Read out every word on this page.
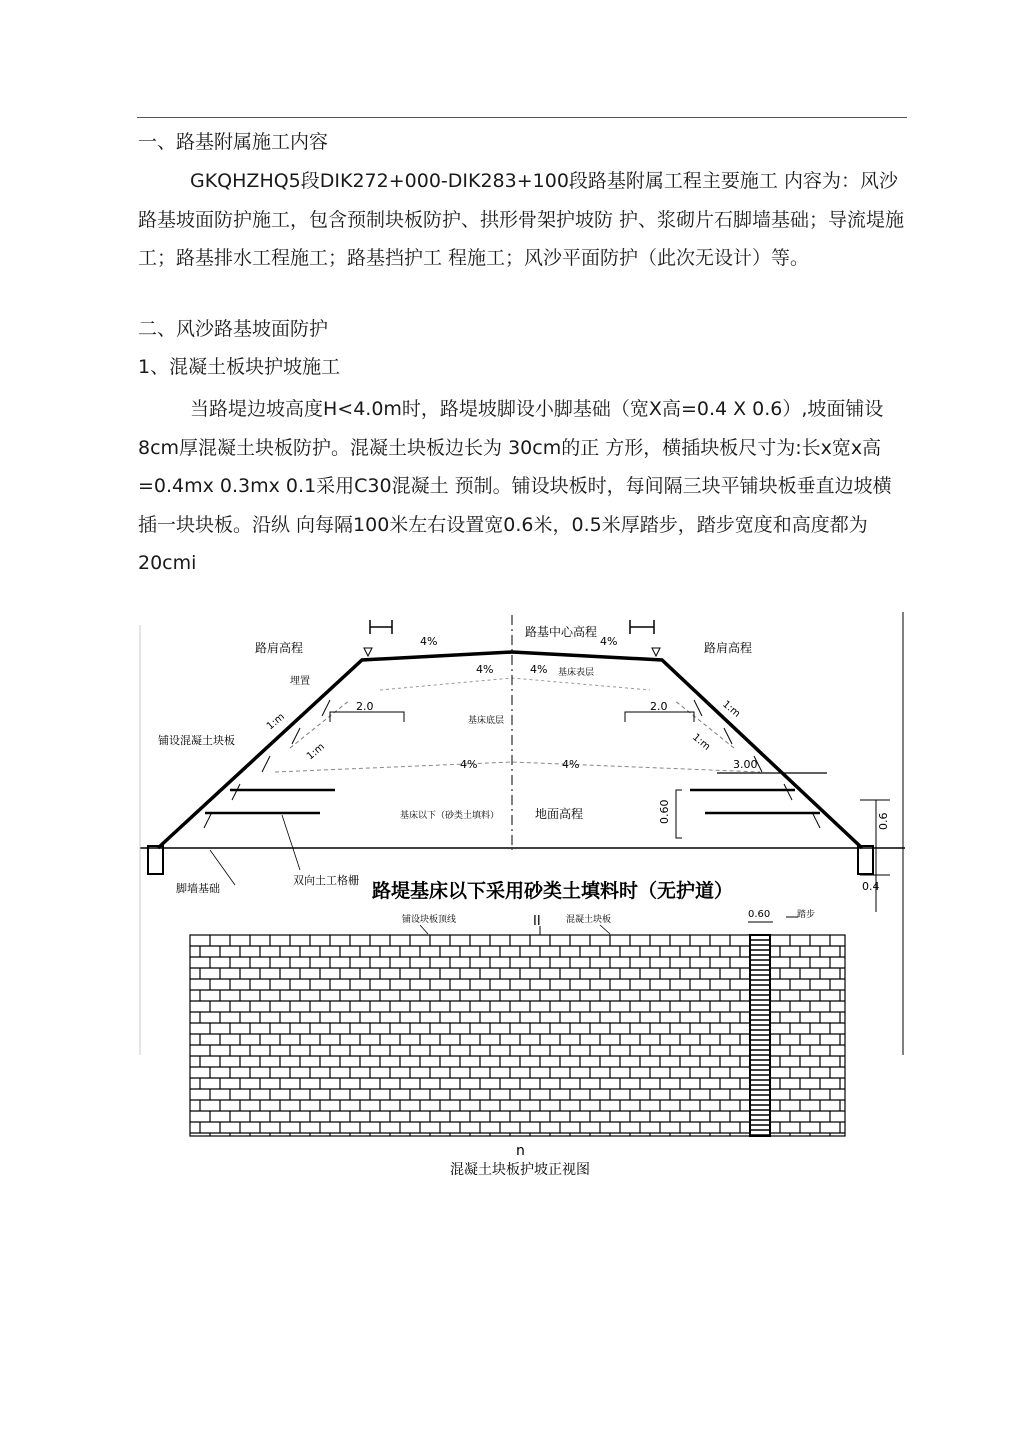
一、路基附属施工内容

GKQHZHQ5段DIK272+000-DIK283+100段路基附属工程主要施工 内容为：风沙路基坡面防护施工，包含预制块板防护、拱形骨架护坡防 护、浆砌片石脚墙基础；导流堤施工；路基排水工程施工；路基挡护工 程施工；风沙平面防护（此次无设计）等。

二、风沙路基坡面防护

1、混凝土板块护坡施工

当路堤边坡高度H<4.0m时，路堤坡脚设小脚基础（宽X高=0.4 X 0.6）,坡面铺设8cm厚混凝土块板防护。混凝土块板边长为 30cm的正 方形，横插块板尺寸为:长x宽x高=0.4mx 0.3mx 0.1采用C30混凝土 预制。铺设块板时，每间隔三块平铺块板垂直边坡横插一块块板。沿纵 向每隔100米左右设置宽0.6米，0.5米厚踏步，踏步宽度和高度都为 20cmi

路肩高程	路肩高程
路基中心高程
4%	4%
4%	4% 基床表层
基床底层
4%	4%
基床以下（砂类土填料）	地面高程
埋置
铺设混凝土块板
1:m
1:m
1:m
1:m
2.0	2.0
3.00
0.60	0.6
0.4
脚墙基础
双向土工格栅 路堤基床以下采用砂类土填料时（无护道）
II
铺设块板顶线	混凝土块板	0.60	踏步
n
混凝土块板护坡正视图
